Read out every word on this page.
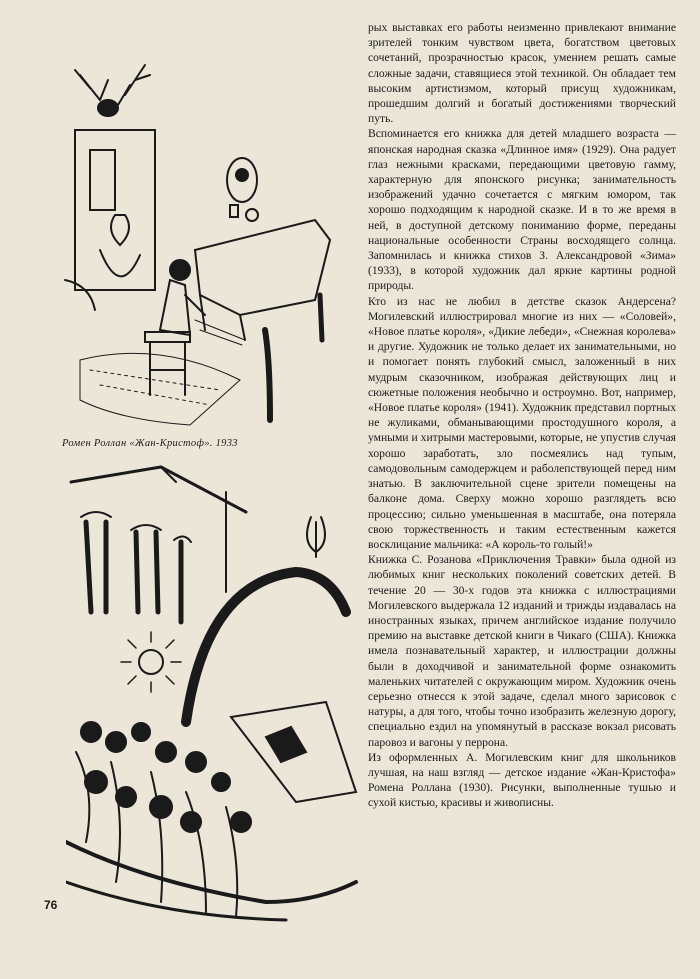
Ромен Роллан «Жан-Кристоф». 1933

рых выставках его работы неизменно привлекают внимание зрителей тонким чувством цвета, богатством цветовых сочетаний, прозрачностью красок, умением решать самые сложные задачи, ставящиеся этой техникой. Он обладает тем высоким артистизмом, который присущ художникам, прошедшим долгий и богатый достижениями творческий путь.

Вспоминается его книжка для детей младшего возраста — японская народная сказка «Длинное имя» (1929). Она радует глаз нежными красками, передающими цветовую гамму, характерную для японского рисунка; занимательность изображений удачно сочетается с мягким юмором, так хорошо подходящим к народной сказке. И в то же время в ней, в доступной детскому пониманию форме, переданы национальные особенности Страны восходящего солнца. Запомнилась и книжка стихов З. Александровой «Зима» (1933), в которой художник дал яркие картины родной природы.

Кто из нас не любил в детстве сказок Андерсена? Могилевский иллюстрировал многие из них — «Соловей», «Новое платье короля», «Дикие лебеди», «Снежная королева» и другие. Художник не только делает их занимательными, но и помогает понять глубокий смысл, заложенный в них мудрым сказочником, изображая действующих лиц и сюжетные положения необычно и остроумно. Вот, например, «Новое платье короля» (1941). Художник представил портных не жуликами, обманывающими простодушного короля, а умными и хитрыми мастеровыми, которые, не упустив случая хорошо заработать, зло посмеялись над тупым, самодовольным самодержцем и раболепствующей перед ним знатью. В заключительной сцене зрители помещены на балконе дома. Сверху можно хорошо разглядеть всю процессию; сильно уменьшенная в масштабе, она потеряла свою торжественность и таким естественным кажется восклицание мальчика: «А король-то голый!»

Книжка С. Розанова «Приключения Травки» была одной из любимых книг нескольких поколений советских детей. В течение 20 — 30-х годов эта книжка с иллюстрациями Могилевского выдержала 12 изданий и трижды издавалась на иностранных языках, причем английское издание получило премию на выставке детской книги в Чикаго (США). Книжка имела познавательный характер, и иллюстрации должны были в доходчивой и занимательной форме ознакомить маленьких читателей с окружающим миром. Художник очень серьезно отнесся к этой задаче, сделал много зарисовок с натуры, а для того, чтобы точно изобразить железную дорогу, специально ездил на упомянутый в рассказе вокзал рисовать паровоз и вагоны у перрона.

Из оформленных А. Могилевским книг для школьников лучшая, на наш взгляд — детское издание «Жан-Кристофа» Ромена Роллана (1930). Рисунки, выполненные тушью и сухой кистью, красивы и живописны.

76
